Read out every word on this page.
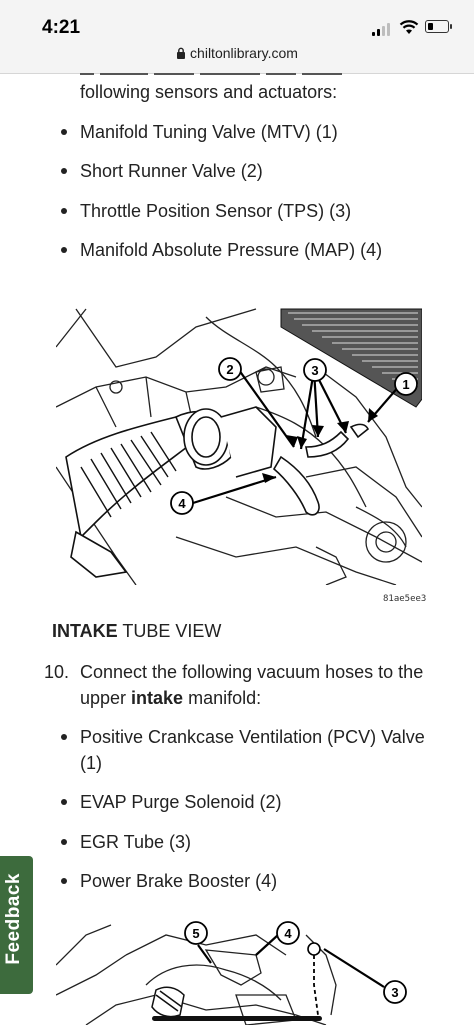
4:21
chiltonlibrary.com
following sensors and actuators:
Manifold Tuning Valve (MTV) (1)
Short Runner Valve (2)
Throttle Position Sensor (TPS) (3)
Manifold Absolute Pressure (MAP) (4)
2	3
1
4
81ae5ee3
INTAKE TUBE VIEW
10. Connect the following vacuum hoses to the
upper intake manifold:
Positive Crankcase Ventilation (PCV) Valve
(1)
EVAP Purge Solenoid (2)
EGR Tube (3)
Power Brake Booster (4)
5	4
3
Feedback
